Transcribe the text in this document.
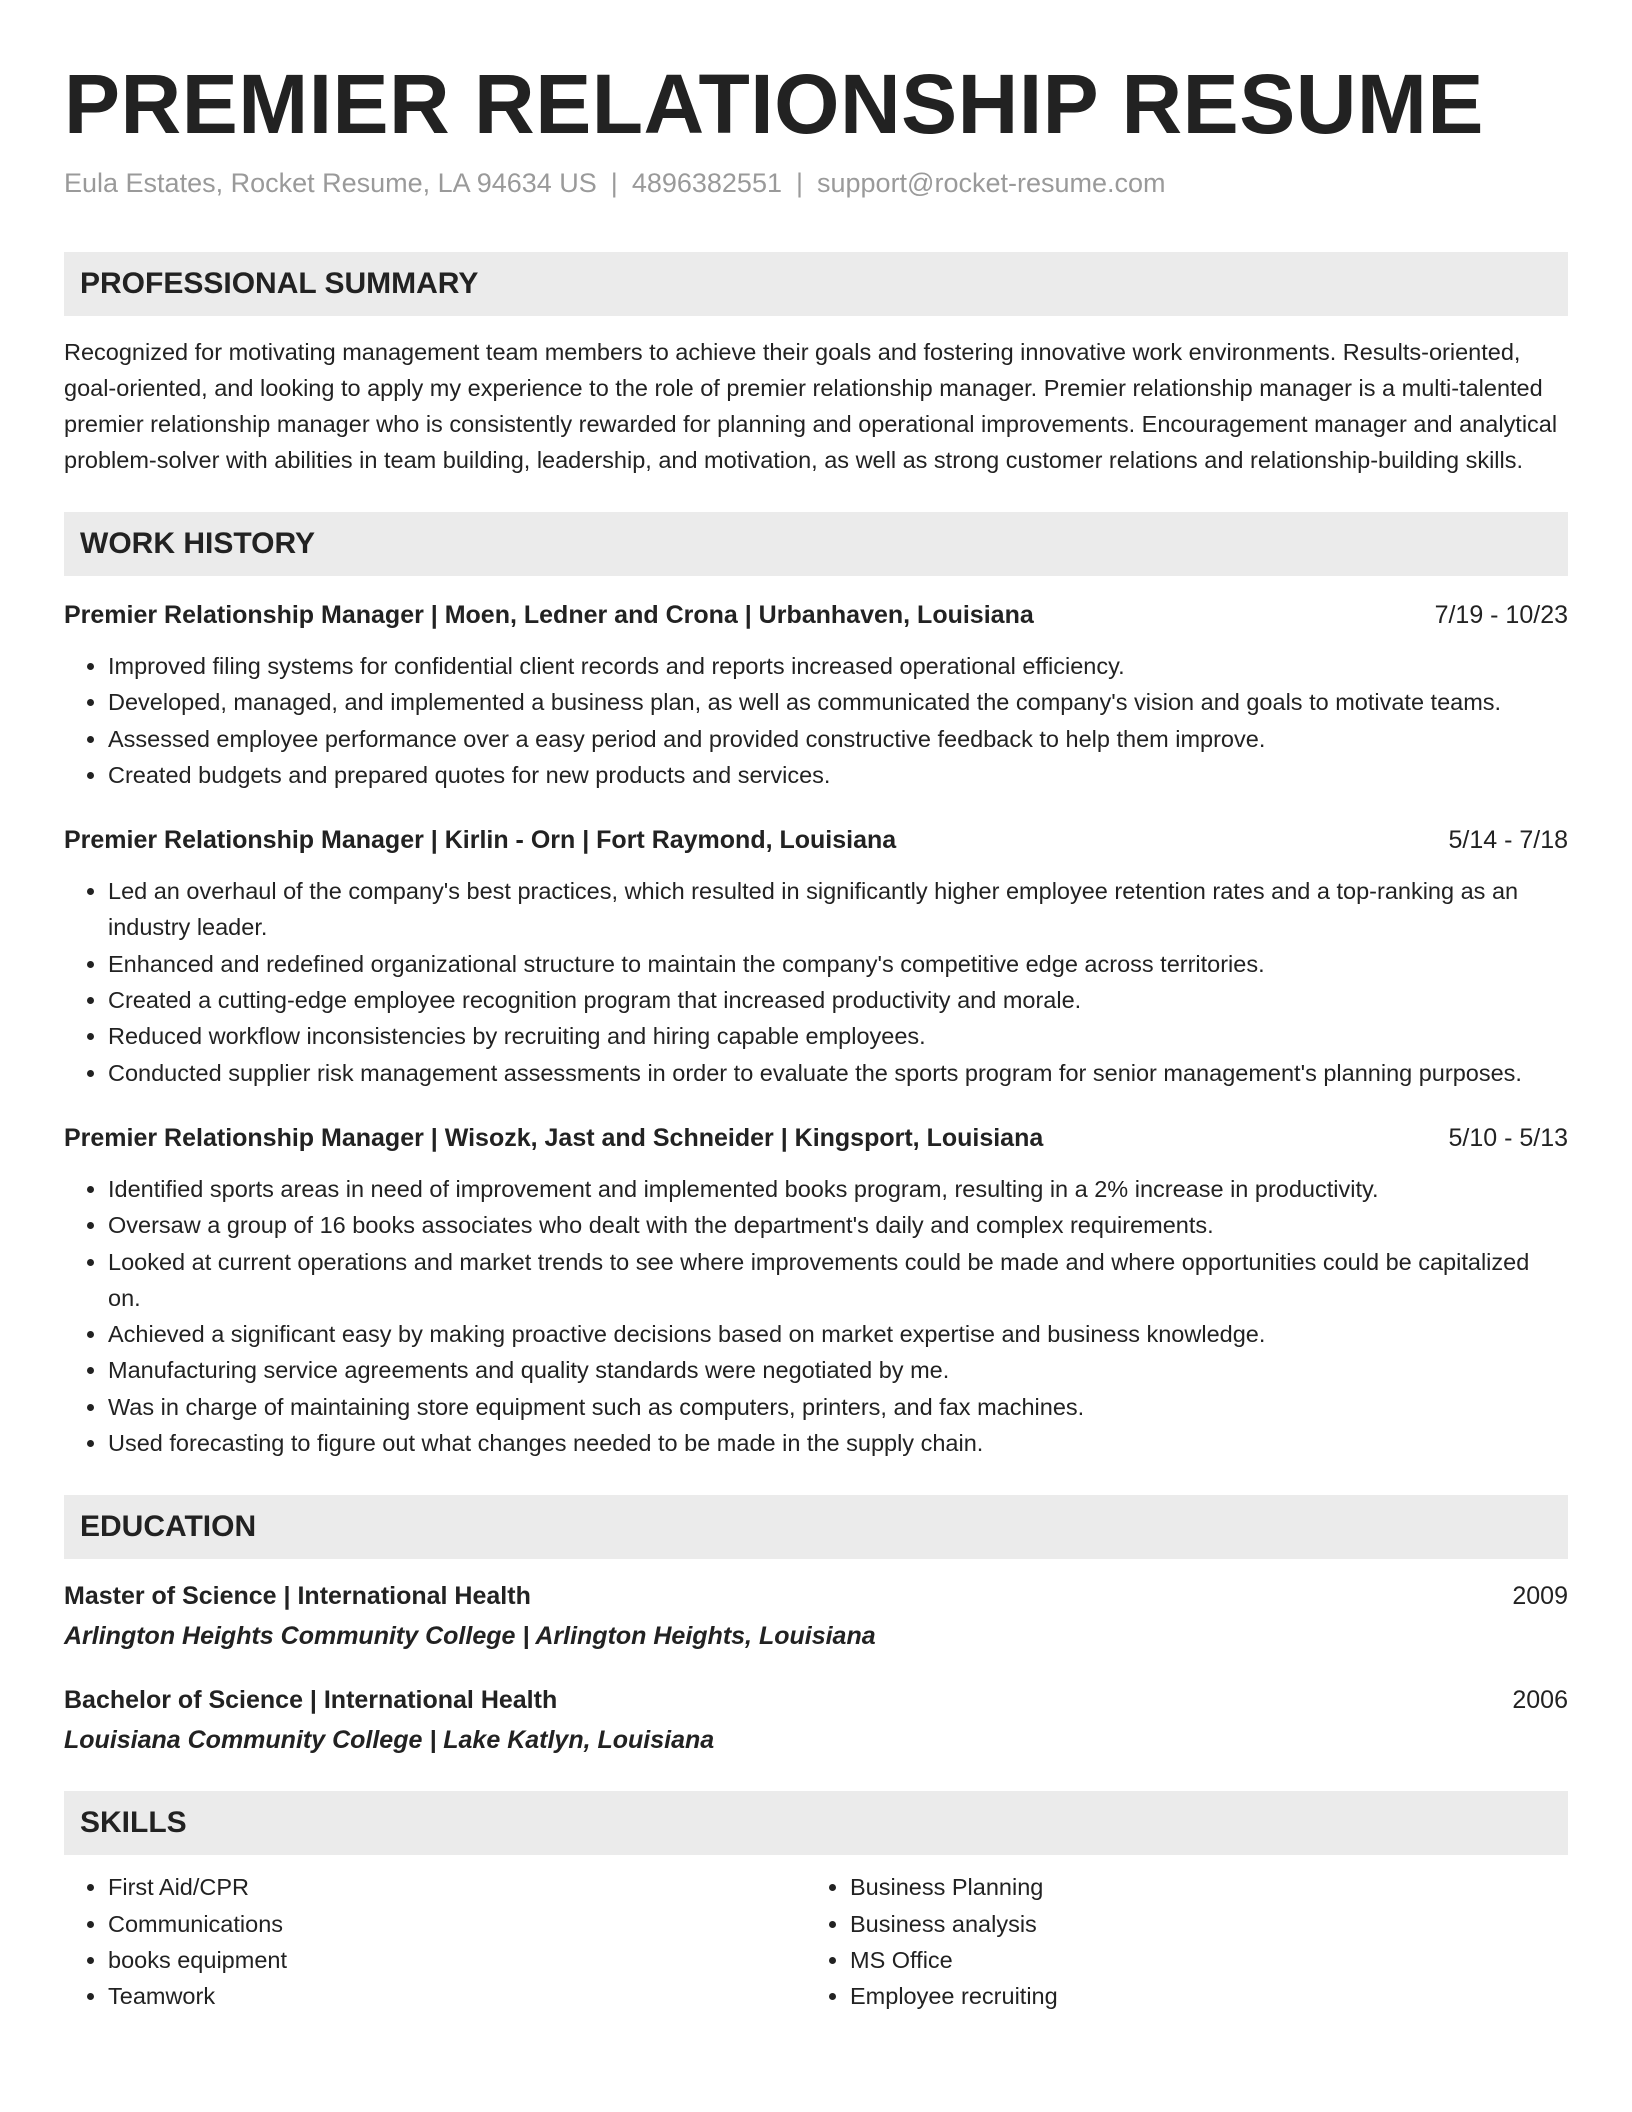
PREMIER RELATIONSHIP RESUME
Eula Estates, Rocket Resume, LA 94634 US | 4896382551 | support@rocket-resume.com
PROFESSIONAL SUMMARY

Recognized for motivating management team members to achieve their goals and fostering innovative work environments. Results-oriented, goal-oriented, and looking to apply my experience to the role of premier relationship manager. Premier relationship manager is a multi-talented premier relationship manager who is consistently rewarded for planning and operational improvements. Encouragement manager and analytical problem-solver with abilities in team building, leadership, and motivation, as well as strong customer relations and relationship-building skills.

WORK HISTORY
Premier Relationship Manager | Moen, Ledner and Crona | Urbanhaven, Louisiana	7/19 - 10/23
• Improved filing systems for confidential client records and reports increased operational efficiency.
• Developed, managed, and implemented a business plan, as well as communicated the company's vision and goals to motivate teams.
• Assessed employee performance over a easy period and provided constructive feedback to help them improve.
• Created budgets and prepared quotes for new products and services.
Premier Relationship Manager | Kirlin - Orn | Fort Raymond, Louisiana	5/14 - 7/18
• Led an overhaul of the company's best practices, which resulted in significantly higher employee retention rates and a top-ranking as an industry leader.
• Enhanced and redefined organizational structure to maintain the company's competitive edge across territories.
• Created a cutting-edge employee recognition program that increased productivity and morale.
• Reduced workflow inconsistencies by recruiting and hiring capable employees.
• Conducted supplier risk management assessments in order to evaluate the sports program for senior management's planning purposes.
Premier Relationship Manager | Wisozk, Jast and Schneider | Kingsport, Louisiana	5/10 - 5/13
• Identified sports areas in need of improvement and implemented books program, resulting in a 2% increase in productivity.
• Oversaw a group of 16 books associates who dealt with the department's daily and complex requirements.
• Looked at current operations and market trends to see where improvements could be made and where opportunities could be capitalized on.
• Achieved a significant easy by making proactive decisions based on market expertise and business knowledge.
• Manufacturing service agreements and quality standards were negotiated by me.
• Was in charge of maintaining store equipment such as computers, printers, and fax machines.
• Used forecasting to figure out what changes needed to be made in the supply chain.
EDUCATION
Master of Science | International Health	2009
Arlington Heights Community College | Arlington Heights, Louisiana
Bachelor of Science | International Health	2006
Louisiana Community College | Lake Katlyn, Louisiana
SKILLS
• First Aid/CPR
• Communications
• books equipment
• Teamwork
• Business Planning
• Business analysis
• MS Office
• Employee recruiting
